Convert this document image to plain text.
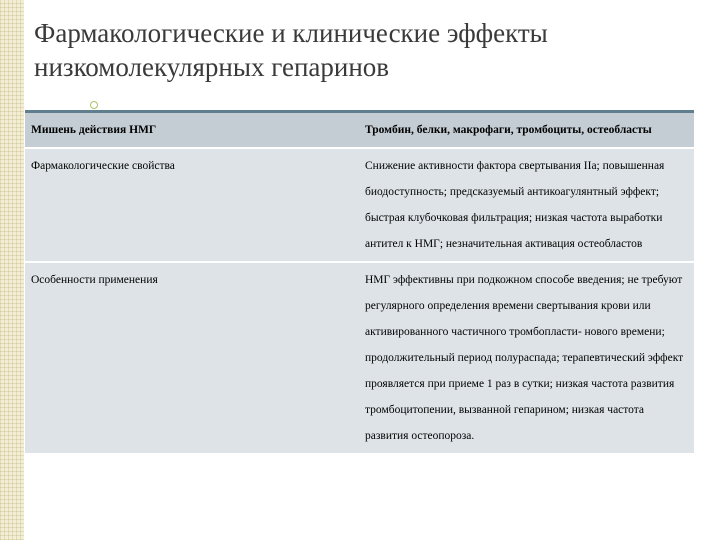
Фармакологические и клинические эффекты низкомолекулярных гепаринов
Мишень действия НМГ	Тромбин, белки, макрофаги, тромбоциты, остеобласты
Фармакологические свойства	Снижение активности фактора свертывания IIa; повышенная биодоступность; предсказуемый антикоагулянтный эффект; быстрая клубочковая фильтрация; низкая частота выработки антител к НМГ; незначительная активация остеобластов
Особенности применения	НМГ эффективны при подкожном способе введения; не требуют регулярного определения времени свертывания крови или активированного частичного тромбопласти- нового времени; продолжительный период полураспада; терапевтический эффект проявляется при приеме 1 раз в сутки; низкая частота развития тромбоцитопении, вызванной гепарином; низкая частота развития остеопороза.
